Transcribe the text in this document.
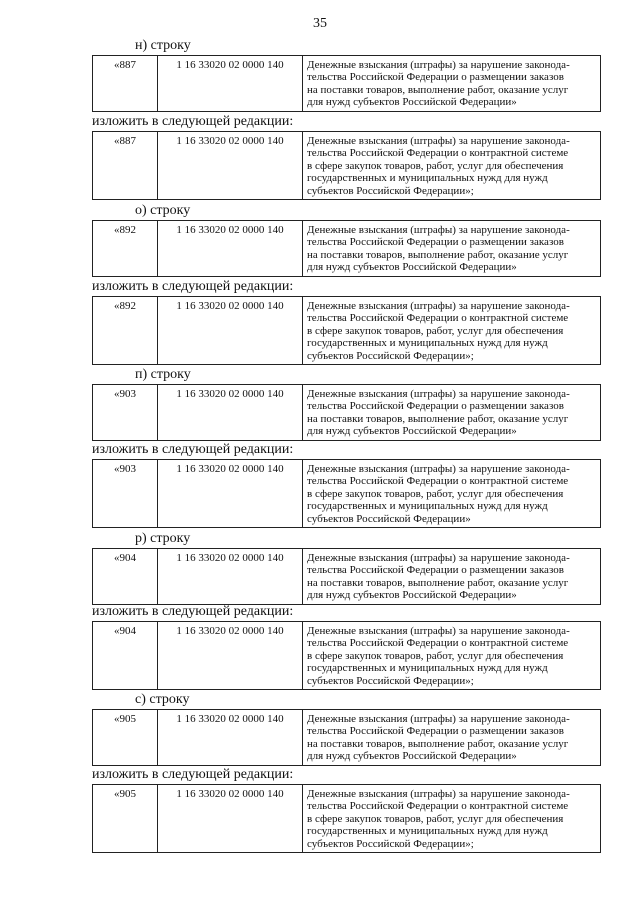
35
н) строку
«887	1 16 33020 02 0000 140	Денежные взыскания (штрафы) за нарушение законода-
тельства Российской Федерации о размещении заказов
на поставки товаров, выполнение работ, оказание услуг
для нужд субъектов Российской Федерации»
изложить в следующей редакции:
«887	1 16 33020 02 0000 140	Денежные взыскания (штрафы) за нарушение законода-
тельства Российской Федерации о контрактной системе
в сфере закупок товаров, работ, услуг для обеспечения
государственных и муниципальных нужд для нужд
субъектов Российской Федерации»;
о) строку
«892	1 16 33020 02 0000 140	Денежные взыскания (штрафы) за нарушение законода-
тельства Российской Федерации о размещении заказов
на поставки товаров, выполнение работ, оказание услуг
для нужд субъектов Российской Федерации»
изложить в следующей редакции:
«892	1 16 33020 02 0000 140	Денежные взыскания (штрафы) за нарушение законода-
тельства Российской Федерации о контрактной системе
в сфере закупок товаров, работ, услуг для обеспечения
государственных и муниципальных нужд для нужд
субъектов Российской Федерации»;
п) строку
«903	1 16 33020 02 0000 140	Денежные взыскания (штрафы) за нарушение законода-
тельства Российской Федерации о размещении заказов
на поставки товаров, выполнение работ, оказание услуг
для нужд субъектов Российской Федерации»
изложить в следующей редакции:
«903	1 16 33020 02 0000 140	Денежные взыскания (штрафы) за нарушение законода-
тельства Российской Федерации о контрактной системе
в сфере закупок товаров, работ, услуг для обеспечения
государственных и муниципальных нужд для нужд
субъектов Российской Федерации»
р) строку
«904	1 16 33020 02 0000 140	Денежные взыскания (штрафы) за нарушение законода-
тельства Российской Федерации о размещении заказов
на поставки товаров, выполнение работ, оказание услуг
для нужд субъектов Российской Федерации»
изложить в следующей редакции:
«904	1 16 33020 02 0000 140	Денежные взыскания (штрафы) за нарушение законода-
тельства Российской Федерации о контрактной системе
в сфере закупок товаров, работ, услуг для обеспечения
государственных и муниципальных нужд для нужд
субъектов Российской Федерации»;
с) строку
«905	1 16 33020 02 0000 140	Денежные взыскания (штрафы) за нарушение законода-
тельства Российской Федерации о размещении заказов
на поставки товаров, выполнение работ, оказание услуг
для нужд субъектов Российской Федерации»
изложить в следующей редакции:
«905	1 16 33020 02 0000 140	Денежные взыскания (штрафы) за нарушение законода-
тельства Российской Федерации о контрактной системе
в сфере закупок товаров, работ, услуг для обеспечения
государственных и муниципальных нужд для нужд
субъектов Российской Федерации»;
